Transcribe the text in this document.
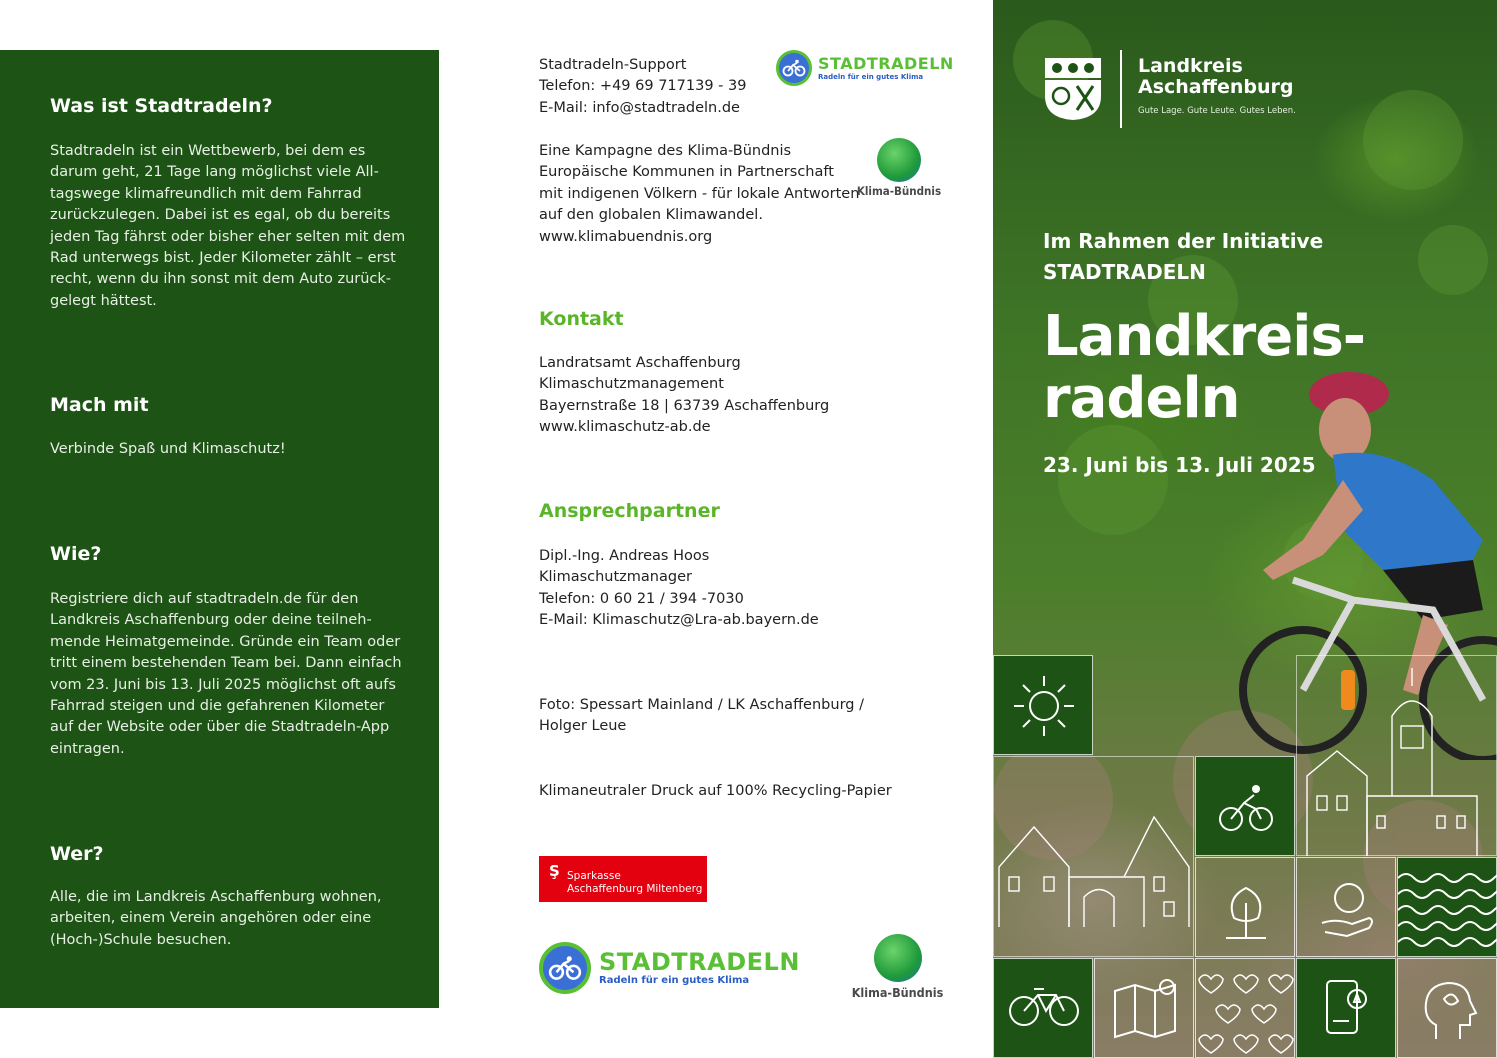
Was ist Stadtradeln?
Stadtradeln ist ein Wettbewerb, bei dem es
darum geht, 21 Tage lang möglichst viele All-
tagswege klimafreundlich mit dem Fahrrad
zurückzulegen. Dabei ist es egal, ob du bereits
jeden Tag fährst oder bisher eher selten mit dem
Rad unterwegs bist. Jeder Kilometer zählt – erst
recht, wenn du ihn sonst mit dem Auto zurück-
gelegt hättest.
Mach mit
Verbinde Spaß und Klimaschutz!
Wie?
Registriere dich auf stadtradeln.de für den
Landkreis Aschaffenburg oder deine teilneh-
mende Heimatgemeinde. Gründe ein Team oder
tritt einem bestehenden Team bei. Dann einfach
vom 23. Juni bis 13. Juli 2025 möglichst oft aufs
Fahrrad steigen und die gefahrenen Kilometer
auf der Website oder über die Stadtradeln-App
eintragen.
Wer?
Alle, die im Landkreis Aschaffenburg wohnen,
arbeiten, einem Verein angehören oder eine
(Hoch-)Schule besuchen.
Stadtradeln-Support
Telefon: +49 69 717139 - 39
E-Mail: info@stadtradeln.de
STADTRADELN
Radeln für ein gutes Klima
Eine Kampagne des Klima-Bündnis
Europäische Kommunen in Partnerschaft
mit indigenen Völkern - für lokale Antworten
auf den globalen Klimawandel.
www.klimabuendnis.org
Klima-Bündnis
Kontakt
Landratsamt Aschaffenburg
Klimaschutzmanagement
Bayernstraße 18 | 63739 Aschaffenburg
www.klimaschutz-ab.de
Ansprechpartner
Dipl.-Ing. Andreas Hoos
Klimaschutzmanager
Telefon: 0 60 21 / 394 -7030
E-Mail: Klimaschutz@Lra-ab.bayern.de
Foto: Spessart Mainland / LK Aschaffenburg /
Holger Leue
Klimaneutraler Druck auf 100% Recycling-Papier
Ş Sparkasse
Aschaffenburg Miltenberg
STADTRADELN
Radeln für ein gutes Klima
Klima-Bündnis
Landkreis
Aschaffenburg
Gute Lage. Gute Leute. Gutes Leben.
Im Rahmen der Initiative
STADTRADELN
Landkreis-
radeln
23. Juni bis 13. Juli 2025
